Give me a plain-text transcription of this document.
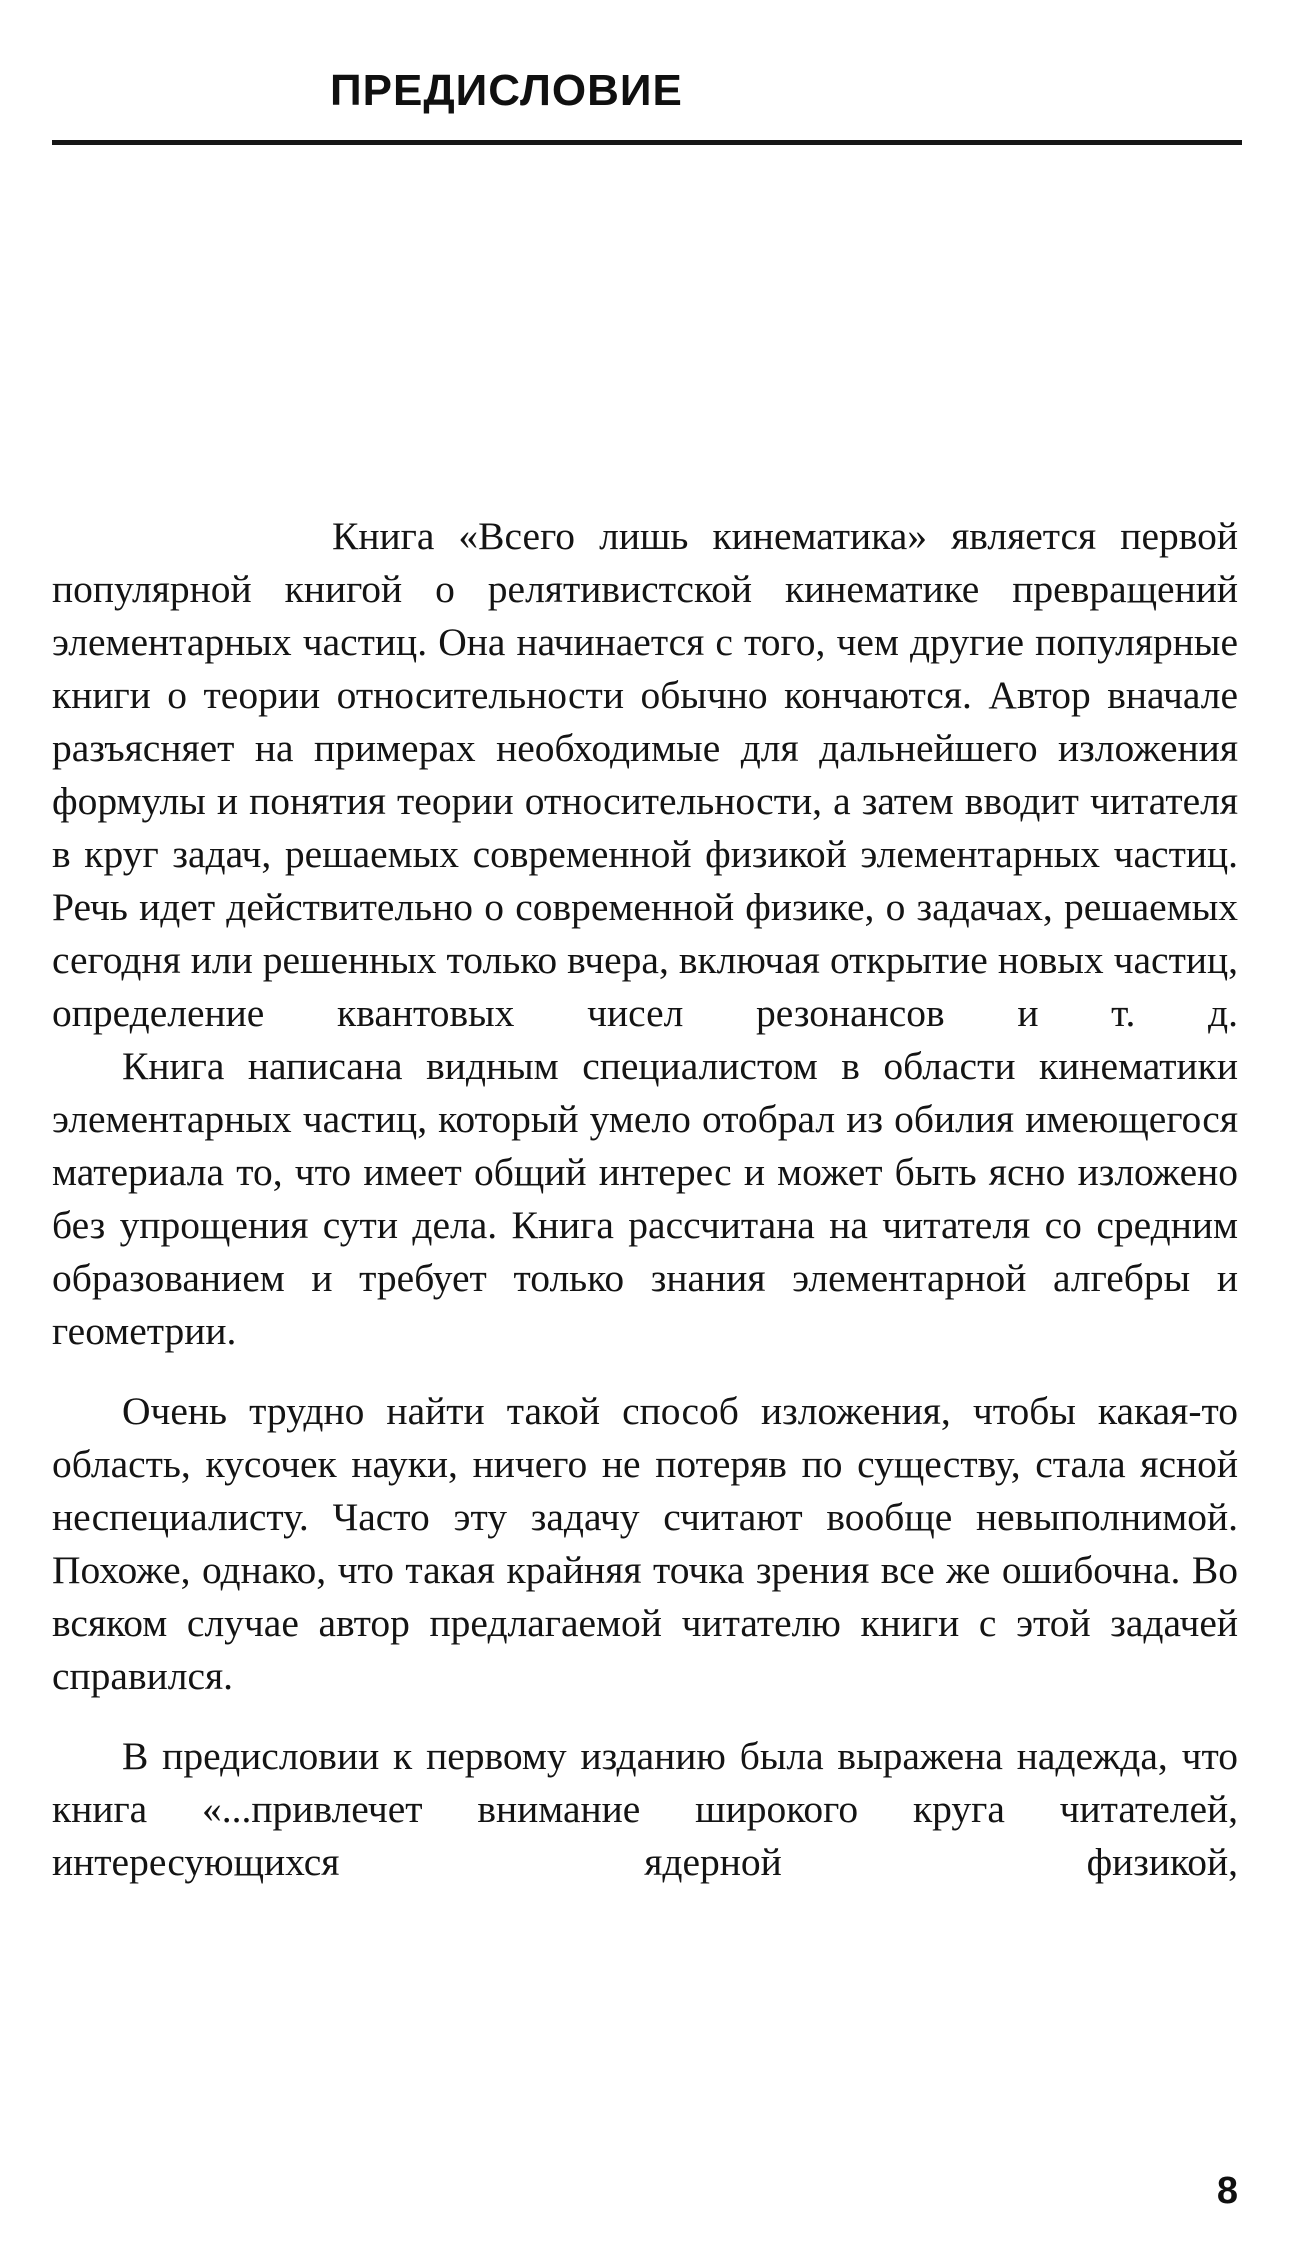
ПРЕДИСЛОВИЕ

Книга «Всего лишь кинематика» является первой популярной книгой о релятивистской кинематике превращений элементарных частиц. Она начинается с того, чем другие популярные книги о теории относительности обычно кончаются. Автор вначале разъясняет на примерах необходимые для дальнейшего изложения формулы и понятия теории относительности, а затем вводит читателя в круг задач, решаемых современной физикой элементарных частиц. Речь идет действительно о современной физике, о задачах, решаемых сегодня или решенных только вчера, включая открытие новых частиц, определение квантовых чисел резонансов и т. д.

Книга написана видным специалистом в области кинематики элементарных частиц, который умело отобрал из обилия имеющегося материала то, что имеет общий интерес и может быть ясно изложено без упрощения сути дела. Книга рассчитана на читателя со средним образованием и требует только знания элементарной алгебры и геометрии.

Очень трудно найти такой способ изложения, чтобы какая-то область, кусочек науки, ничего не потеряв по существу, стала ясной неспециалисту. Часто эту задачу считают вообще невыполнимой. Похоже, однако, что такая крайняя точка зрения все же ошибочна. Во всяком случае автор предлагаемой читателю книги с этой задачей справился.

В предисловии к первому изданию была выражена надежда, что книга «...привлечет внимание широкого круга читателей, интересующихся ядерной физикой,

8
